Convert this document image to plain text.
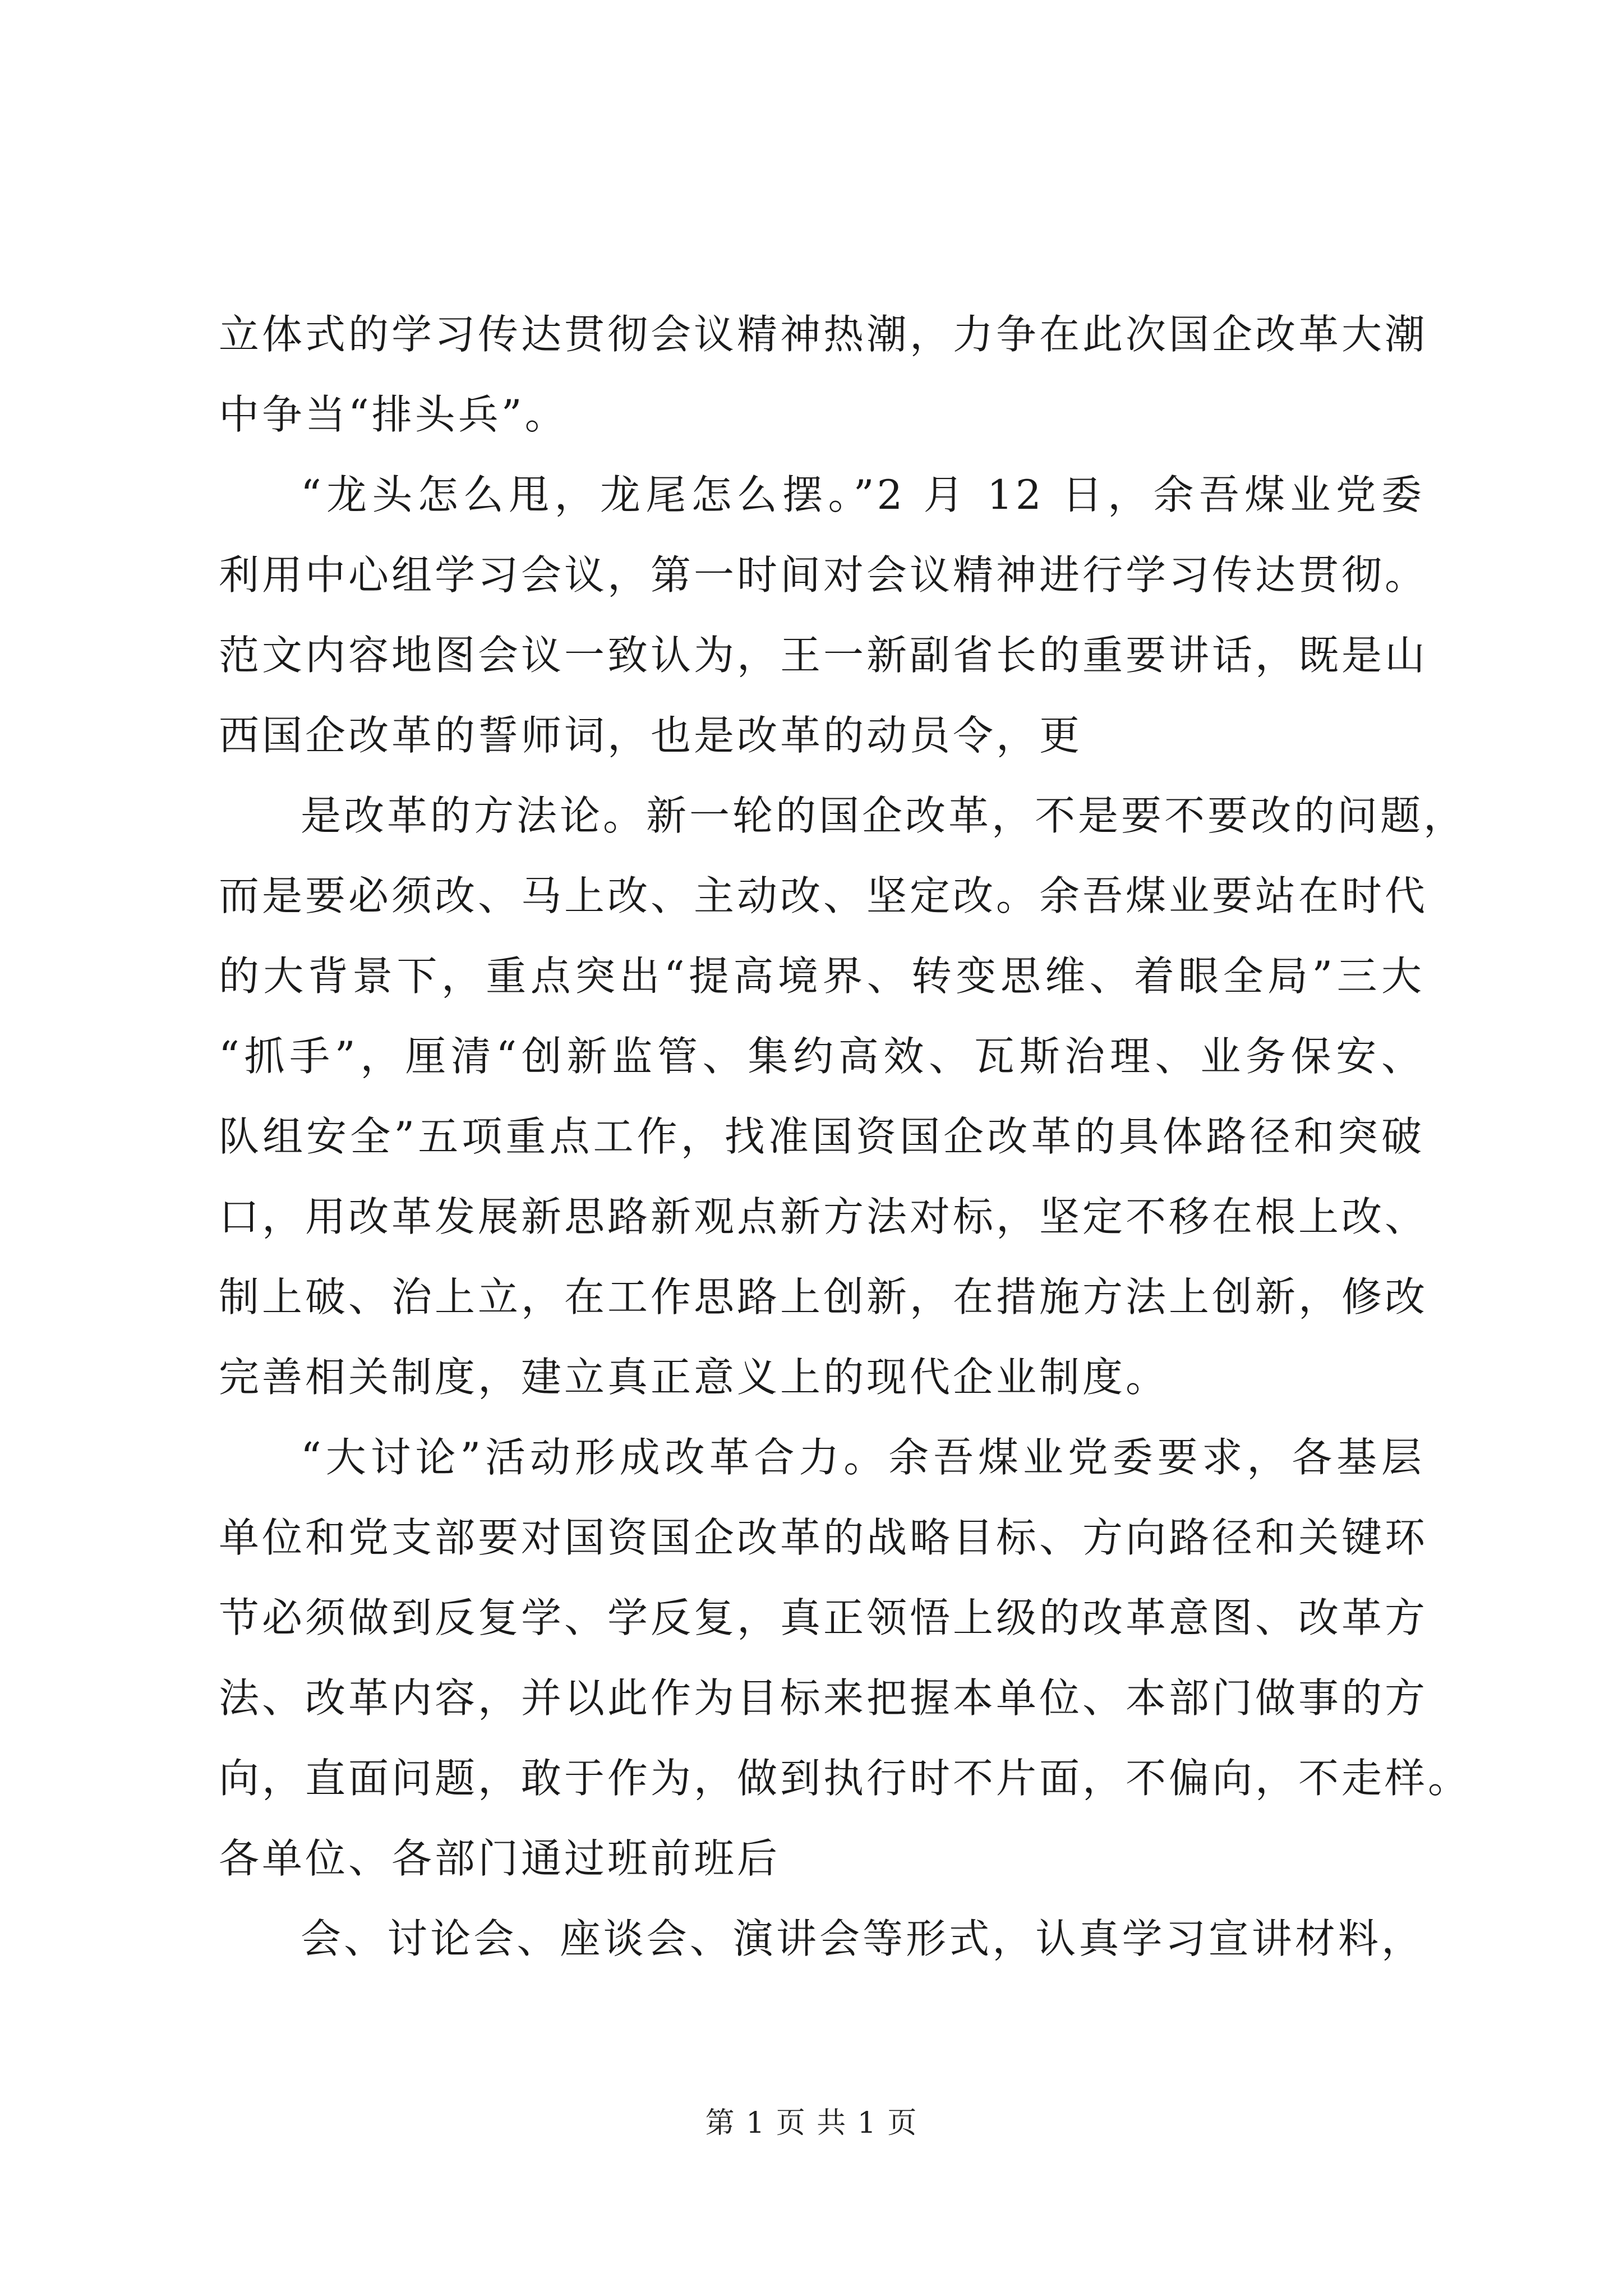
立体式的学习传达贯彻会议精神热潮，力争在此次国企改革大潮
中争当“排头兵”。
“龙头怎么甩，龙尾怎么摆。”2 月 12 日，余吾煤业党委
利用中心组学习会议，第一时间对会议精神进行学习传达贯彻。
范文内容地图会议一致认为，王一新副省长的重要讲话，既是山
西国企改革的誓师词，也是改革的动员令，更
是改革的方法论。新一轮的国企改革，不是要不要改的问题，
而是要必须改、马上改、主动改、坚定改。余吾煤业要站在时代
的大背景下，重点突出“提高境界、转变思维、着眼全局”三大
“抓手”，厘清“创新监管、集约高效、瓦斯治理、业务保安、
队组安全”五项重点工作，找准国资国企改革的具体路径和突破
口，用改革发展新思路新观点新方法对标，坚定不移在根上改、
制上破、治上立，在工作思路上创新，在措施方法上创新，修改
完善相关制度，建立真正意义上的现代企业制度。
“大讨论”活动形成改革合力。余吾煤业党委要求，各基层
单位和党支部要对国资国企改革的战略目标、方向路径和关键环
节必须做到反复学、学反复，真正领悟上级的改革意图、改革方
法、改革内容，并以此作为目标来把握本单位、本部门做事的方
向，直面问题，敢于作为，做到执行时不片面，不偏向，不走样。
各单位、各部门通过班前班后
会、讨论会、座谈会、演讲会等形式，认真学习宣讲材料，
第 1 页 共 1 页
